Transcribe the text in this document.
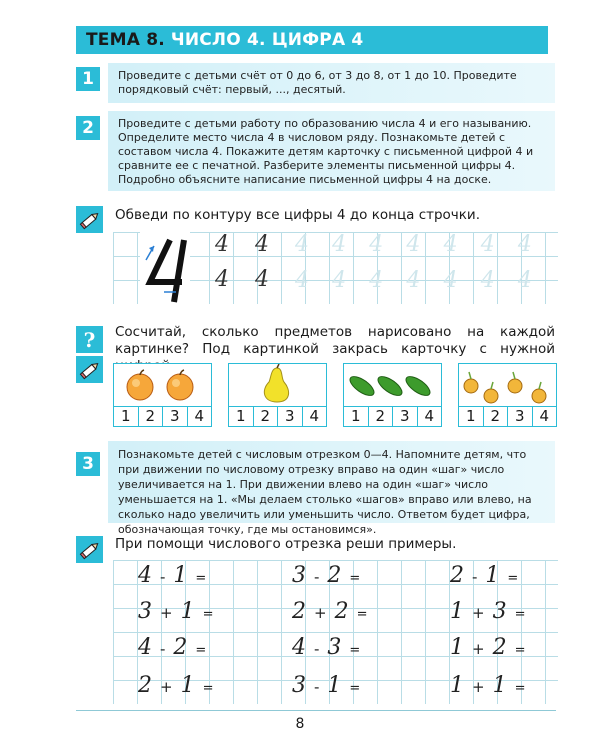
ТЕМА 8. ЧИСЛО 4. ЦИФРА 4
1	Проведите с детьми счёт от 0 до 6, от 3 до 8, от 1 до 10. Проведите порядковый счёт: первый, ..., десятый.
2	Проведите с детьми работу по образованию числа 4 и его называнию. Определите место числа 4 в числовом ряду. Познакомьте детей с составом числа 4. Покажите детям карточку с письменной цифрой 4 и сравните ее с печатной. Разберите элементы письменной цифры 4. Подробно объясните написание письменной цифры 4 на доске.
Обведи по контуру все цифры 4 до конца строчки.
4 4
4 4
4	4	4	4	4	4	4
4	4	4	4	4	4	4
? Сосчитай, сколько предметов нарисовано на каждой картинке? Под картинкой закрась карточку с нужной
1 2 3 4	1 2 3 4	1 2 3 4	1 2 3 4
3	Познакомьте детей с числовым отрезком 0—4. Напомните детям, что при движении по числовому отрезку вправо на один «шаг» число увеличивается на 1. При движении влево на один «шаг» число уменьшается на 1. «Мы делаем столько «шагов» вправо или влево, на сколько надо увеличить или уменьшить число. Ответом будет цифра, обозначающая точку, где мы остановимся».
При помощи числового отрезка реши примеры.
4 - 1 =	3 - 2 =	2 - 1 =
3 + 1 =	2 + 2 =	1 + 3 =
4 - 2 =	4 - 3 =	1 + 2 =
2 + 1 =	3 - 1 =	1 + 1 =
8
